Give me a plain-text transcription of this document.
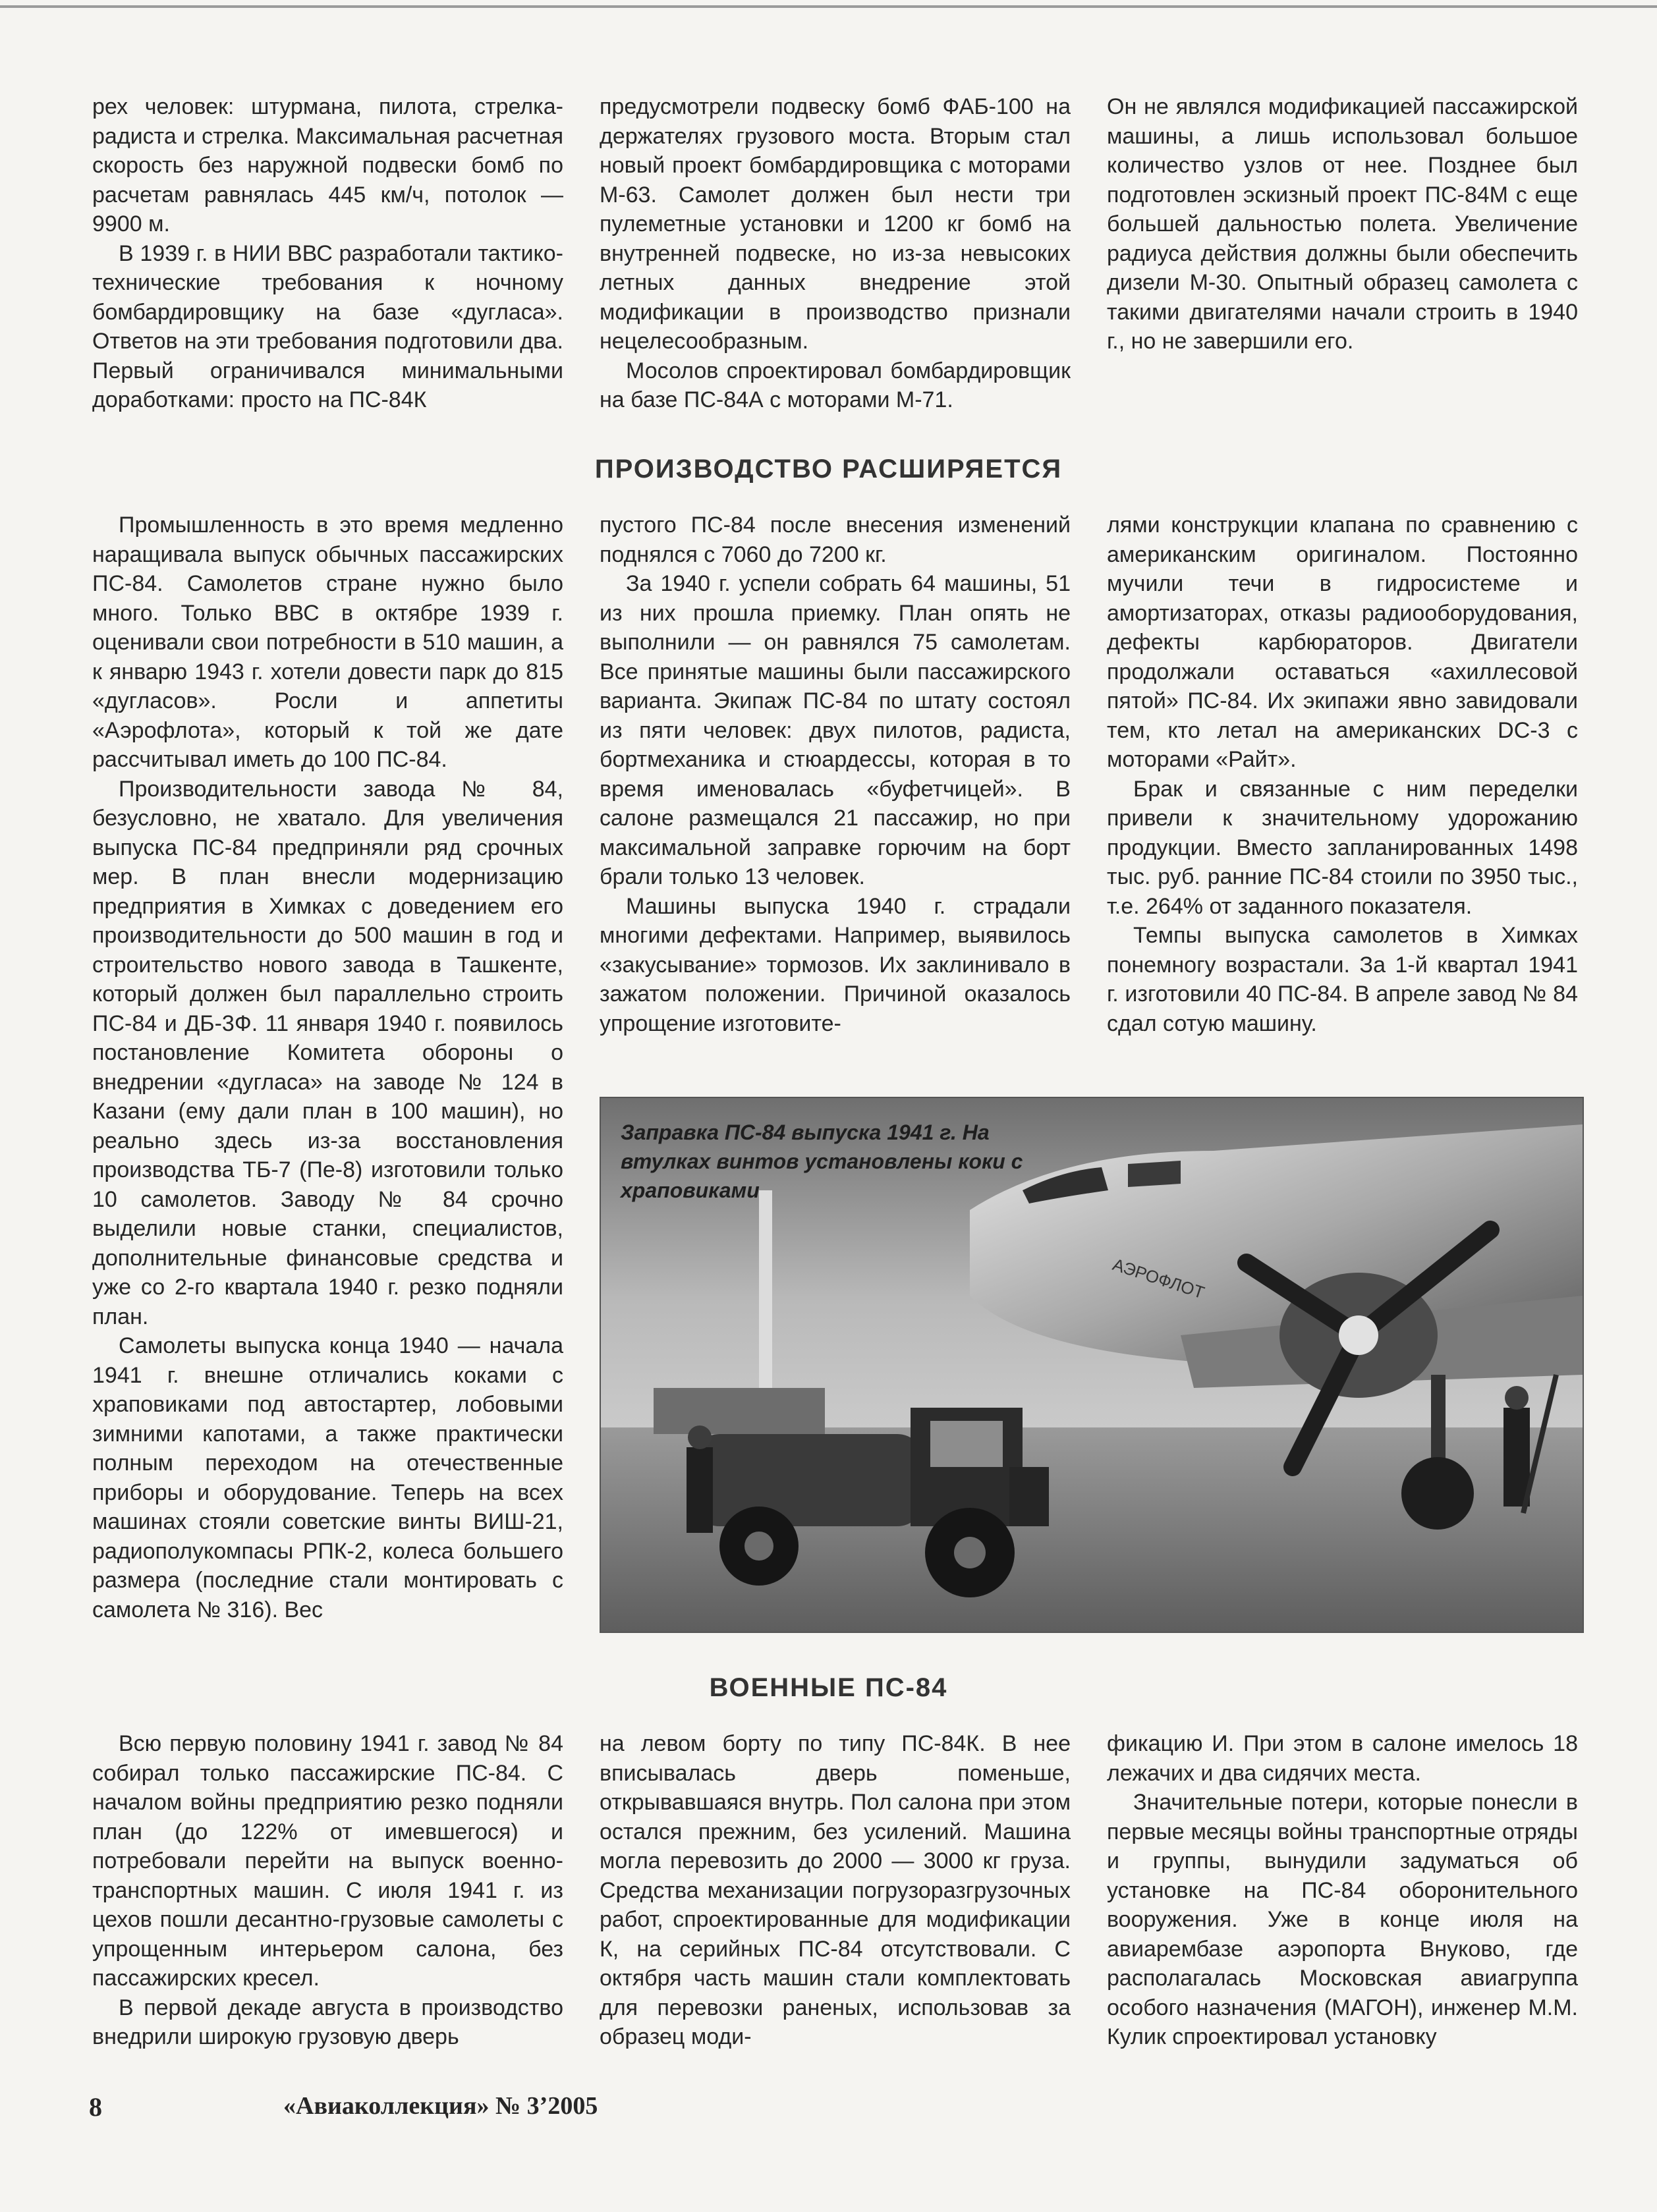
рех человек: штурмана, пилота, стрелка-радиста и стрелка. Максимальная расчетная скорость без наружной подвески бомб по расчетам равнялась 445 км/ч, потолок — 9900 м.

В 1939 г. в НИИ ВВС разработали тактико-технические требования к ночному бомбардировщику на базе «дугласа». Ответов на эти требования подготовили два. Первый ограничивался минимальными доработками: просто на ПС-84К

предусмотрели подвеску бомб ФАБ-100 на держателях грузового моста. Вторым стал новый проект бомбардировщика с моторами М-63. Самолет должен был нести три пулеметные установки и 1200 кг бомб на внутренней подвеске, но из-за невысоких летных данных внедрение этой модификации в производство признали нецелесообразным.

Мосолов спроектировал бомбардировщик на базе ПС-84А с моторами М-71.

Он не являлся модификацией пассажирской машины, а лишь использовал большое количество узлов от нее. Позднее был подготовлен эскизный проект ПС-84М с еще большей дальностью полета. Увеличение радиуса действия должны были обеспечить дизели М-30. Опытный образец самолета с такими двигателями начали строить в 1940 г., но не завершили его.

ПРОИЗВОДСТВО РАСШИРЯЕТСЯ

Промышленность в это время медленно наращивала выпуск обычных пассажирских ПС-84. Самолетов стране нужно было много. Только ВВС в октябре 1939 г. оценивали свои потребности в 510 машин, а к январю 1943 г. хотели довести парк до 815 «дугласов». Росли и аппетиты «Аэрофлота», который к той же дате рассчитывал иметь до 100 ПС-84.

Производительности завода № 84, безусловно, не хватало. Для увеличения выпуска ПС-84 предприняли ряд срочных мер. В план внесли модернизацию предприятия в Химках с доведением его производительности до 500 машин в год и строительство нового завода в Ташкенте, который должен был параллельно строить ПС-84 и ДБ-3Ф. 11 января 1940 г. появилось постановление Комитета обороны о внедрении «дугласа» на заводе № 124 в Казани (ему дали план в 100 машин), но реально здесь из-за восстановления производства ТБ-7 (Пе-8) изготовили только 10 самолетов. Заводу № 84 срочно выделили новые станки, специалистов, дополнительные финансовые средства и уже со 2-го квартала 1940 г. резко подняли план.

Самолеты выпуска конца 1940 — начала 1941 г. внешне отличались коками с храповиками под автостартер, лобовыми зимними капотами, а также практически полным переходом на отечественные приборы и оборудование. Теперь на всех машинах стояли советские винты ВИШ-21, радиополукомпасы РПК-2, колеса большего размера (последние стали монтировать с самолета № 316). Вес

пустого ПС-84 после внесения изменений поднялся с 7060 до 7200 кг.

За 1940 г. успели собрать 64 машины, 51 из них прошла приемку. План опять не выполнили — он равнялся 75 самолетам. Все принятые машины были пассажирского варианта. Экипаж ПС-84 по штату состоял из пяти человек: двух пилотов, радиста, бортмеханика и стюардессы, которая в то время именовалась «буфетчицей». В салоне размещался 21 пассажир, но при максимальной заправке горючим на борт брали только 13 человек.

Машины выпуска 1940 г. страдали многими дефектами. Например, выявилось «закусывание» тормозов. Их заклинивало в зажатом положении. Причиной оказалось упрощение изготовите-

лями конструкции клапана по сравнению с американским оригиналом. Постоянно мучили течи в гидросистеме и амортизаторах, отказы радиооборудования, дефекты карбюраторов. Двигатели продолжали оставаться «ахиллесовой пятой» ПС-84. Их экипажи явно завидовали тем, кто летал на американских DC-3 с моторами «Райт».

Брак и связанные с ним переделки привели к значительному удорожанию продукции. Вместо запланированных 1498 тыс. руб. ранние ПС-84 стоили по 3950 тыс., т.е. 264% от заданного показателя.

Темпы выпуска самолетов в Химках понемногу возрастали. За 1-й квартал 1941 г. изготовили 40 ПС-84. В апреле завод № 84 сдал сотую машину.

АЭРОФЛОТ
Заправка ПС-84 выпуска 1941 г. На втулках винтов установлены коки с храповиками
ВОЕННЫЕ ПС-84

Всю первую половину 1941 г. завод № 84 собирал только пассажирские ПС-84. С началом войны предприятию резко подняли план (до 122% от имевшегося) и потребовали перейти на выпуск военно-транспортных машин. С июля 1941 г. из цехов пошли десантно-грузовые самолеты с упрощенным интерьером салона, без пассажирских кресел.

В первой декаде августа в производство внедрили широкую грузовую дверь

на левом борту по типу ПС-84К. В нее вписывалась дверь поменьше, открывавшаяся внутрь. Пол салона при этом остался прежним, без усилений. Машина могла перевозить до 2000 — 3000 кг груза. Средства механизации погрузоразгрузочных работ, спроектированные для модификации К, на серийных ПС-84 отсутствовали. С октября часть машин стали комплектовать для перевозки раненых, использовав за образец моди-

фикацию И. При этом в салоне имелось 18 лежачих и два сидячих места.

Значительные потери, которые понесли в первые месяцы войны транспортные отряды и группы, вынудили задуматься об установке на ПС-84 оборонительного вооружения. Уже в конце июля на авиарембазе аэропорта Внуково, где располагалась Московская авиагруппа особого назначения (МАГОН), инженер М.М. Кулик спроектировал установку

8	«Авиаколлекция» № 3’2005
